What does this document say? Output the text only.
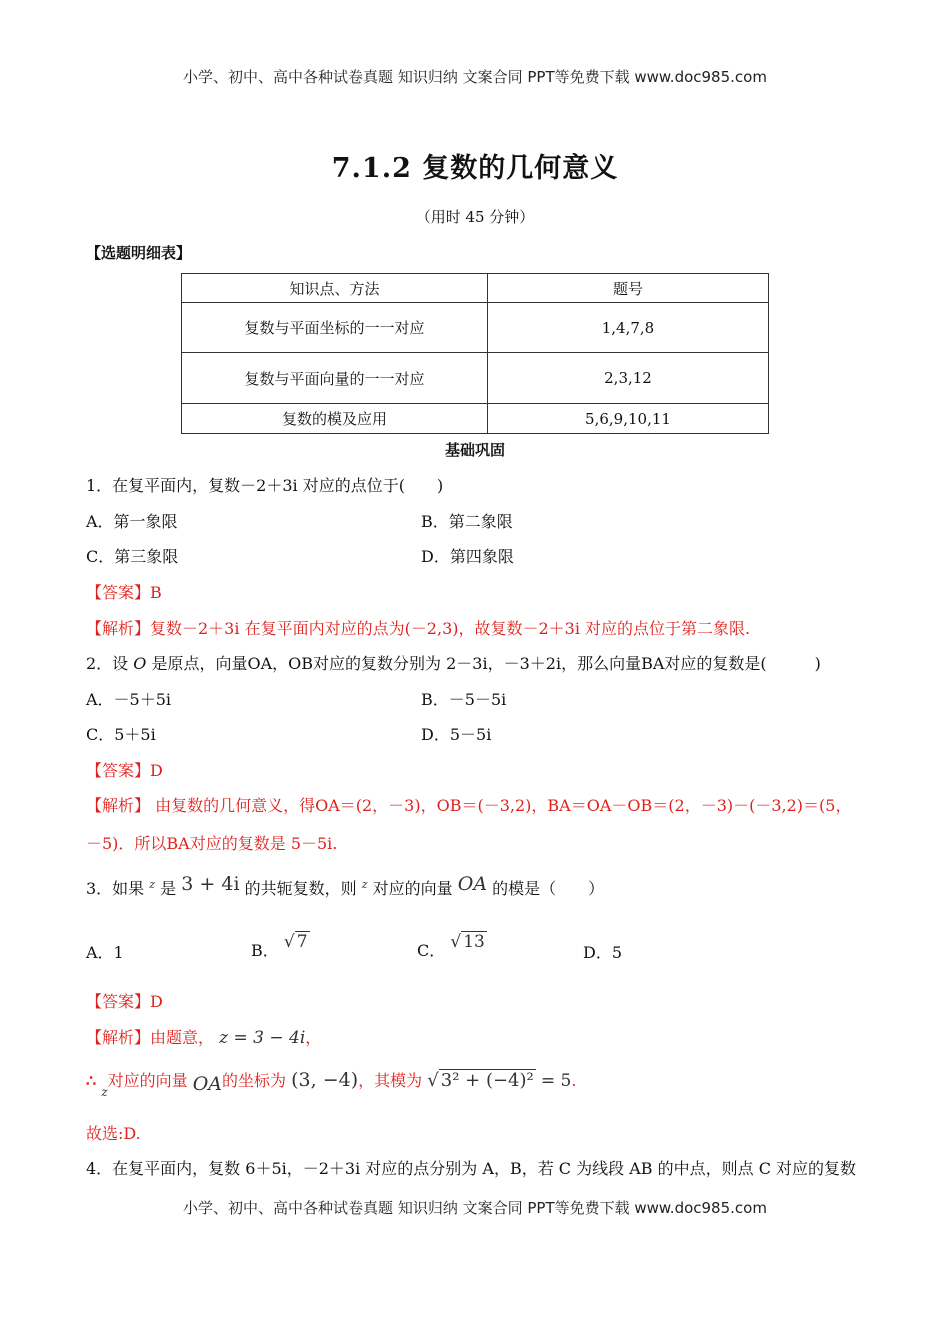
小学、初中、高中各种试卷真题 知识归纳 文案合同 PPT等免费下载 www.doc985.com
7.1.2 复数的几何意义
（用时 45 分钟）
【选题明细表】
知识点、方法	题号
复数与平面坐标的一一对应	1,4,7,8
复数与平面向量的一一对应	2,3,12
复数的模及应用	5,6,9,10,11
基础巩固
1．在复平面内，复数－2＋3i 对应的点位于(　　)
A．第一象限	B．第二象限
C．第三象限	D．第四象限
【答案】B
【解析】复数－2＋3i 在复平面内对应的点为(－2,3)，故复数－2＋3i 对应的点位于第二象限.
2．设 O 是原点，向量OA，OB对应的复数分别为 2－3i，－3＋2i，那么向量BA对应的复数是(　　　)
A．－5＋5i	B．－5－5i
C．5＋5i	D．5－5i
【答案】D
【解析】 由复数的几何意义，得OA＝(2，－3)，OB＝(－3,2)，BA＝OA－OB＝(2，－3)－(－3,2)＝(5，
－5)．所以BA对应的复数是 5－5i.
3．如果 $^z$ 是 3 + 4i 的共轭复数，则 $^z$ 对应的向量 OA 的模是（　　）
A．1	B． √ 7	C． √ 13
D．5
【答案】D
【解析】由题意， z = 3 − 4i，
∴ $_z$对应的向量 OA的坐标为 (3, −4)，其模为 √ 3² + (−4)² = 5.
故选:D.
4．在复平面内，复数 6＋5i，－2＋3i 对应的点分别为 A，B，若 C 为线段 AB 的中点，则点 C 对应的复数
小学、初中、高中各种试卷真题 知识归纳 文案合同 PPT等免费下载 www.doc985.com
